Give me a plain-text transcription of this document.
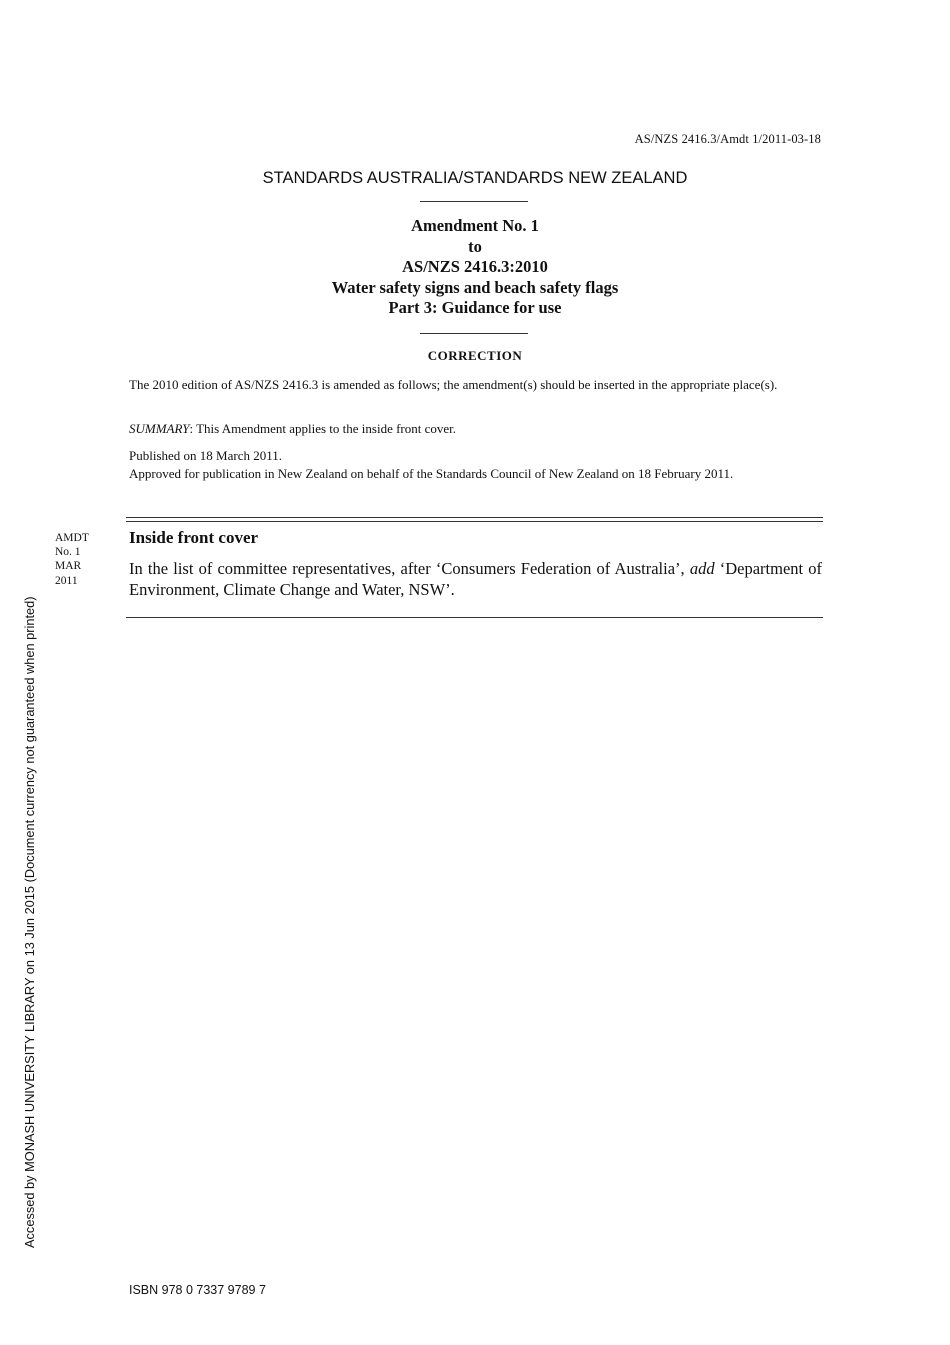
AS/NZS 2416.3/Amdt 1/2011-03-18
STANDARDS AUSTRALIA/STANDARDS NEW ZEALAND
Amendment No. 1
to
AS/NZS 2416.3:2010
Water safety signs and beach safety flags
Part 3: Guidance for use
CORRECTION
The 2010 edition of AS/NZS 2416.3 is amended as follows; the amendment(s) should be inserted in the appropriate place(s).
SUMMARY: This Amendment applies to the inside front cover.
Published on 18 March 2011.
Approved for publication in New Zealand on behalf of the Standards Council of New Zealand on 18 February 2011.
AMDT
No. 1
MAR
2011
Inside front cover
In the list of committee representatives, after ‘Consumers Federation of Australia’, add ‘Department of Environment, Climate Change and Water, NSW’.
Accessed by MONASH UNIVERSITY LIBRARY on 13 Jun 2015 (Document currency not guaranteed when printed)
ISBN 978 0 7337 9789 7
